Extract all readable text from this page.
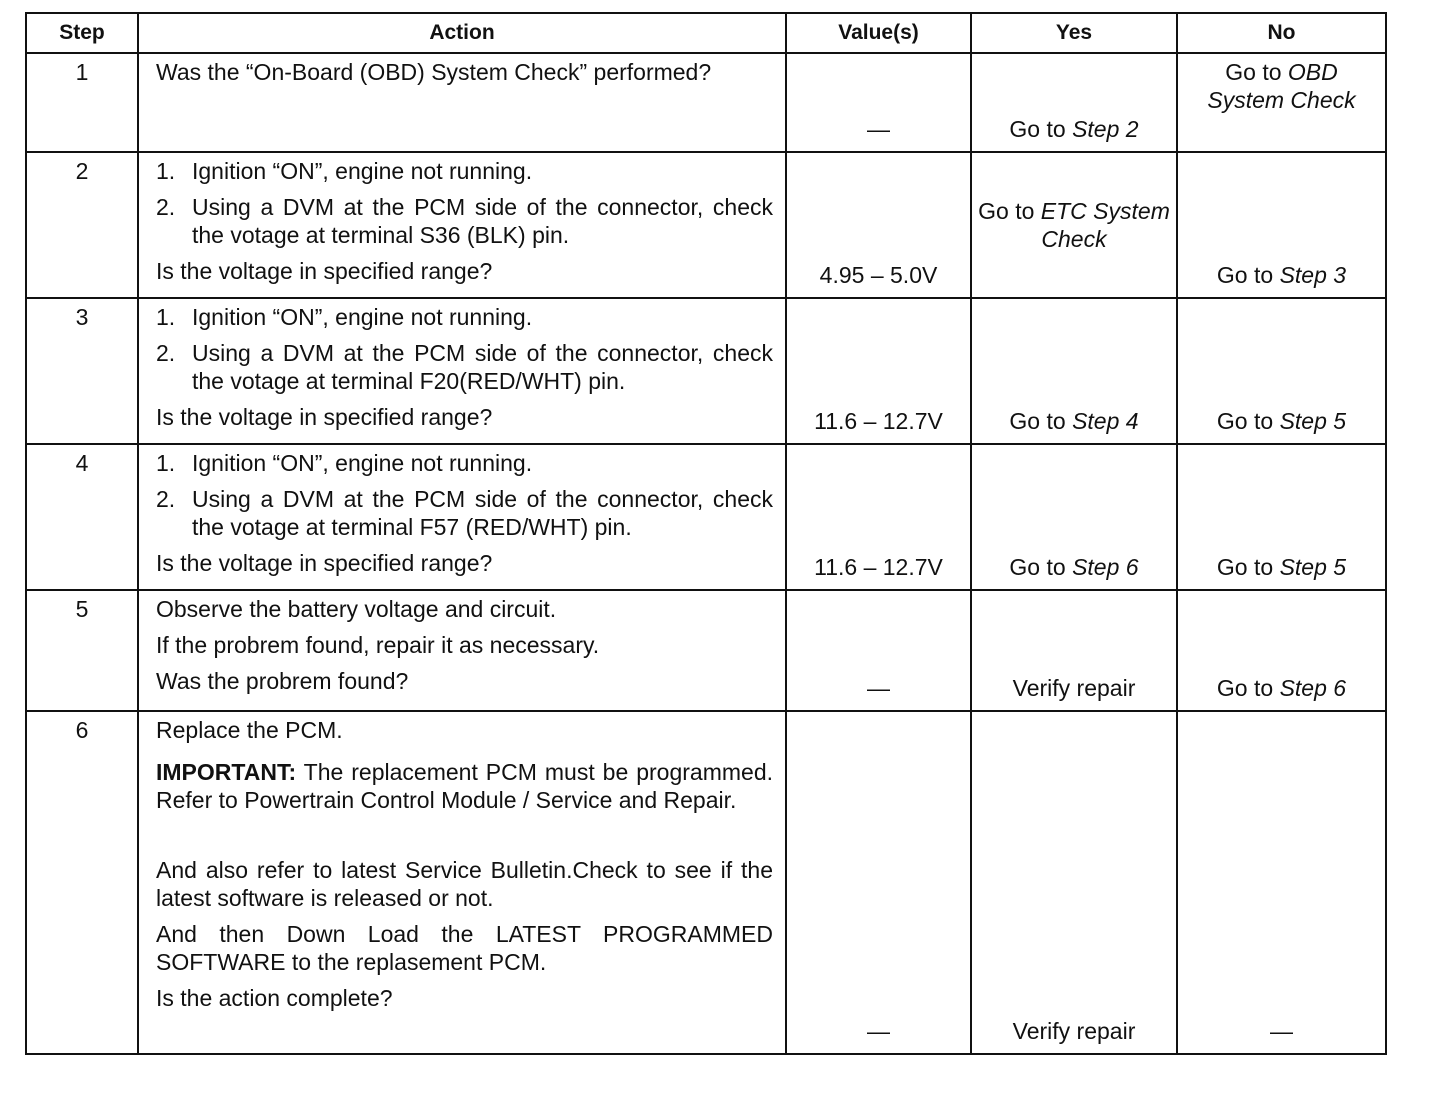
Step	Action	Value(s)	Yes	No
1	Was the “On-Board (OBD) System Check” performed?	—	Go to Step 2	Go to OBD System Check
2	1. Ignition “ON”, engine not running.
2. Using a DVM at the PCM side of the connector, check the votage at terminal S36 (BLK) pin.
Is the voltage in specified range?	4.95 – 5.0V	Go to ETC System Check	Go to Step 3
3	1. Ignition “ON”, engine not running.
2. Using a DVM at the PCM side of the connector, check the votage at terminal F20(RED/WHT) pin.
Is the voltage in specified range?	11.6 – 12.7V	Go to Step 4	Go to Step 5
4	1. Ignition “ON”, engine not running.
2. Using a DVM at the PCM side of the connector, check the votage at terminal F57 (RED/WHT) pin.
Is the voltage in specified range?	11.6 – 12.7V	Go to Step 6	Go to Step 5
5	Observe the battery voltage and circuit.
If the probrem found, repair it as necessary.
Was the probrem found?	—	Verify repair	Go to Step 6
6	Replace the PCM.
IMPORTANT: The replacement PCM must be programmed. Refer to Powertrain Control Module / Service and Repair.
And also refer to latest Service Bulletin.Check to see if the latest software is released or not.
And then Down Load the LATEST PROGRAMMED SOFTWARE to the replasement PCM.
Is the action complete?	—	Verify repair	—
